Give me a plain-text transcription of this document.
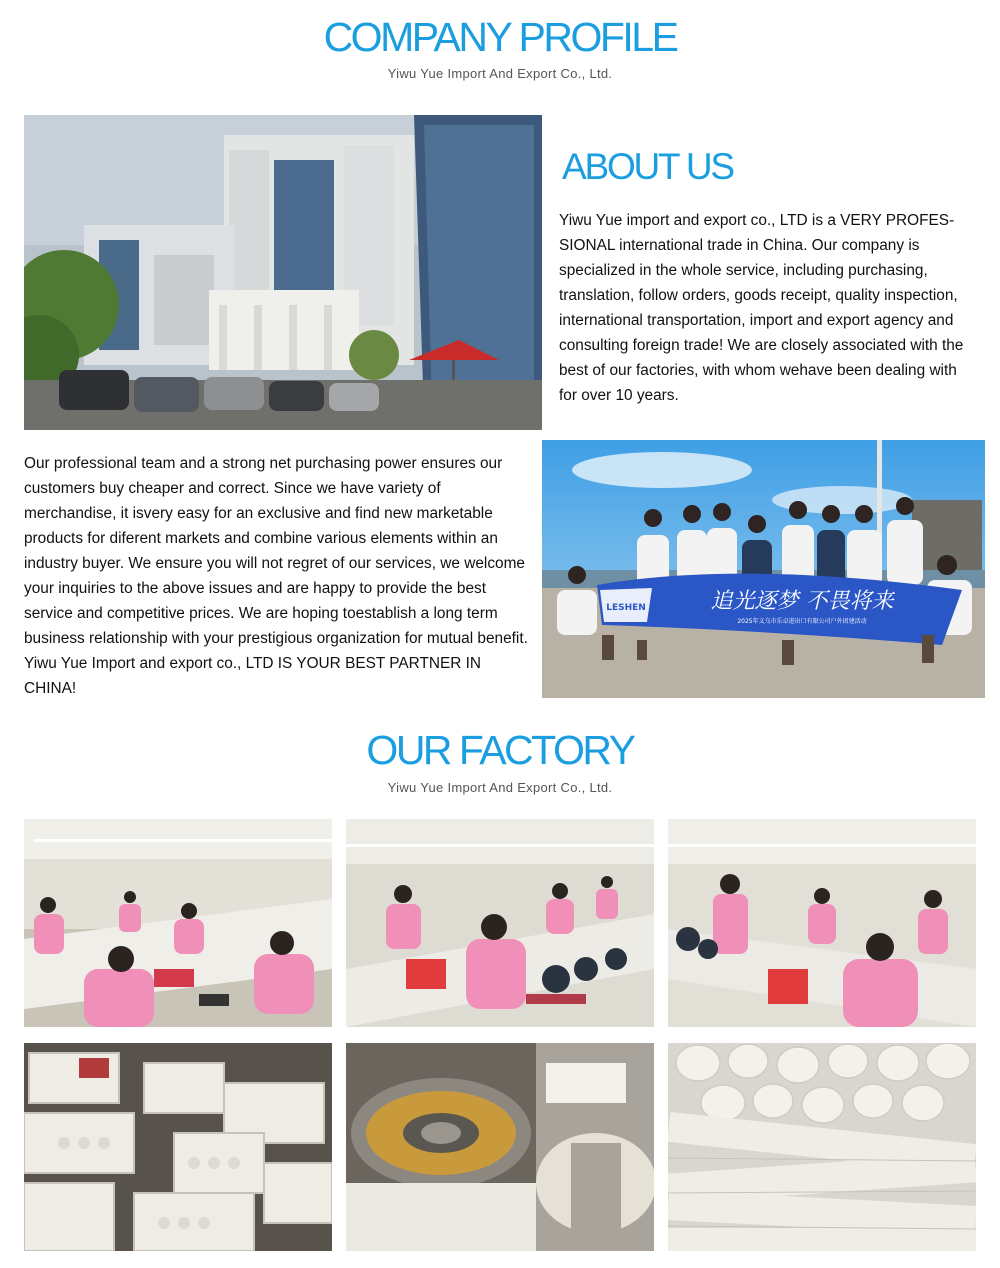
COMPANY PROFILE
Yiwu Yue Import And Export Co., Ltd.
ABOUT US
Yiwu Yue import and export co., LTD is a VERY PROFES-SIONAL international trade in China. Our company is specialized in the whole service, including purchasing, translation, follow orders, goods receipt, quality inspection, international transportation, import and export agency and consulting foreign trade! We are closely associated with the best of our factories, with whom wehave been dealing with for over 10 years.
Our professional team and a strong net purchasing power ensures our customers buy cheaper and correct. Since we have variety of merchandise, it isvery easy for an exclusive and find new marketable products for diferent markets and combine various elements within an industry buyer. We ensure you will not regret of our services, we welcome your inquiries to the above issues and are happy to provide the best service and competitive prices. We are hoping toestablish a long term business relationship with your prestigious organization for mutual benefit. Yiwu Yue Import and export co., LTD IS YOUR BEST PARTNER IN CHINA!
LESHEN	追光逐梦 不畏将来
2025年义乌市乐卓进出口有限公司户外团建活动
OUR FACTORY
Yiwu Yue Import And Export Co., Ltd.
